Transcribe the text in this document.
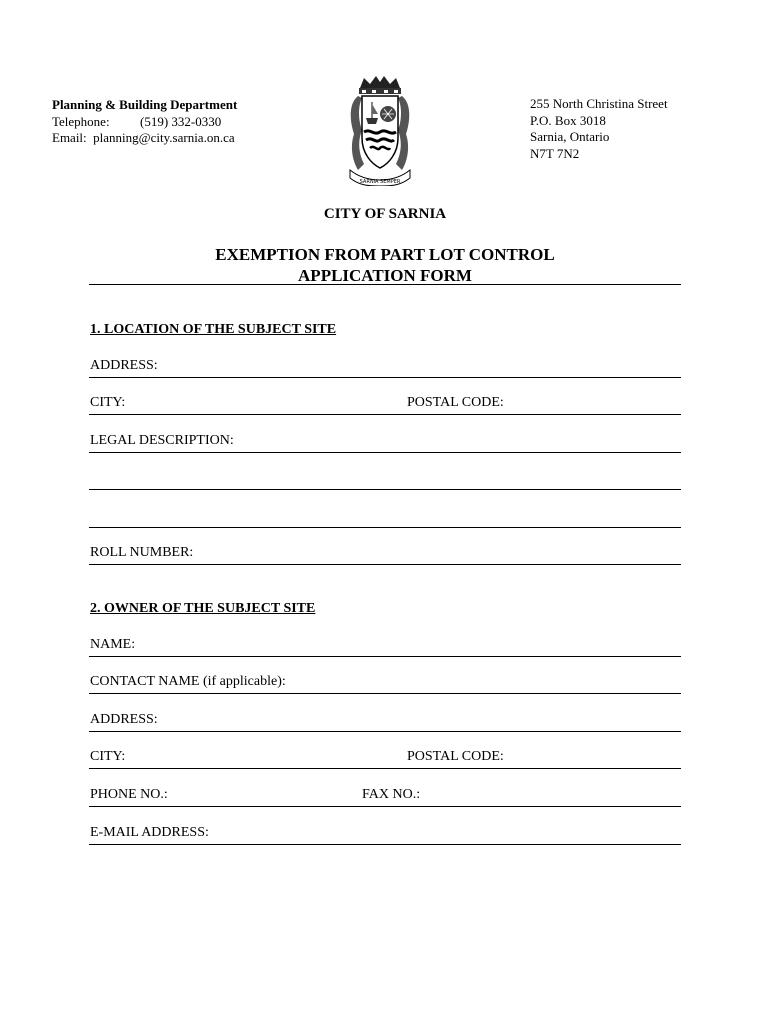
Planning & Building Department
Telephone: (519) 332-0330
Email: planning@city.sarnia.on.ca
SARNIA SEMPER
255 North Christina Street
P.O. Box 3018
Sarnia, Ontario
N7T 7N2
CITY OF SARNIA
EXEMPTION FROM PART LOT CONTROL
APPLICATION FORM
1. LOCATION OF THE SUBJECT SITE
ADDRESS:
CITY:	POSTAL CODE:
LEGAL DESCRIPTION:
ROLL NUMBER:
2. OWNER OF THE SUBJECT SITE
NAME:
CONTACT NAME (if applicable):
ADDRESS:
CITY:	POSTAL CODE:
PHONE NO.:	FAX NO.:
E-MAIL ADDRESS:
